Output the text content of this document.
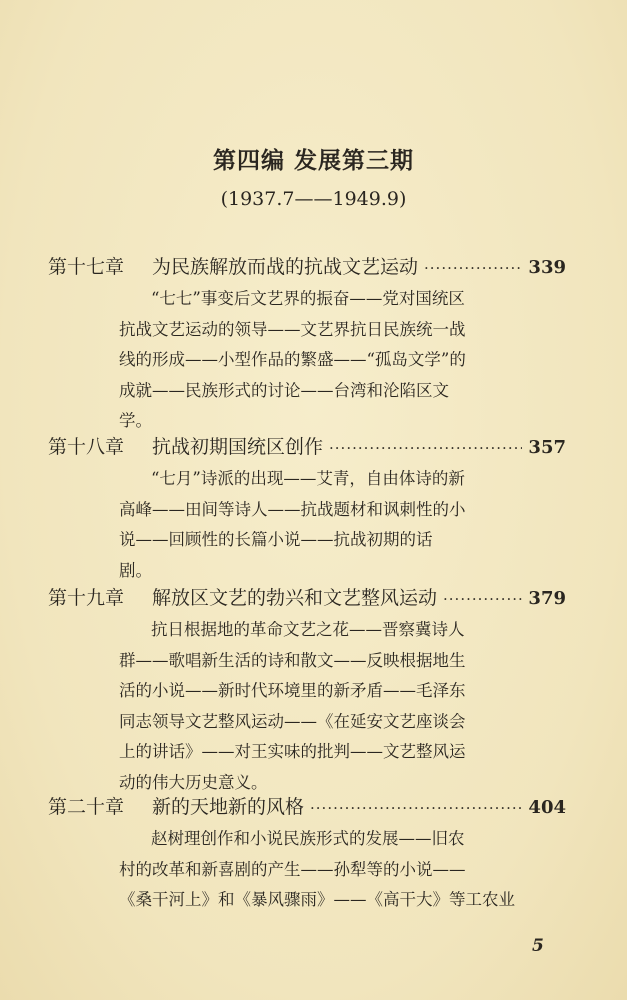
第四编 发展第三期
(1937.7——1949.9)
第十七章	为民族解放而战的抗战文艺运动 ·····	339
“七七”事变后文艺界的振奋——党对国统区
抗战文艺运动的领导——文艺界抗日民族统一战
线的形成——小型作品的繁盛——“孤岛文学”的
成就——民族形式的讨论——台湾和沦陷区文
学。
第十八章	抗战初期国统区创作 ·····	357
“七月”诗派的出现——艾青，自由体诗的新
高峰——田间等诗人——抗战题材和讽刺性的小
说——回顾性的长篇小说——抗战初期的话
剧。
第十九章	解放区文艺的勃兴和文艺整风运动 ·····	379
抗日根据地的革命文艺之花——晋察冀诗人
群——歌唱新生活的诗和散文——反映根据地生
活的小说——新时代环境里的新矛盾——毛泽东
同志领导文艺整风运动——《在延安文艺座谈会
上的讲话》——对王实味的批判——文艺整风运
动的伟大历史意义。
第二十章	新的天地新的风格 ·····	404
赵树理创作和小说民族形式的发展——旧农
村的改革和新喜剧的产生——孙犁等的小说——
《桑干河上》和《暴风骤雨》——《高干大》等工农业
5
